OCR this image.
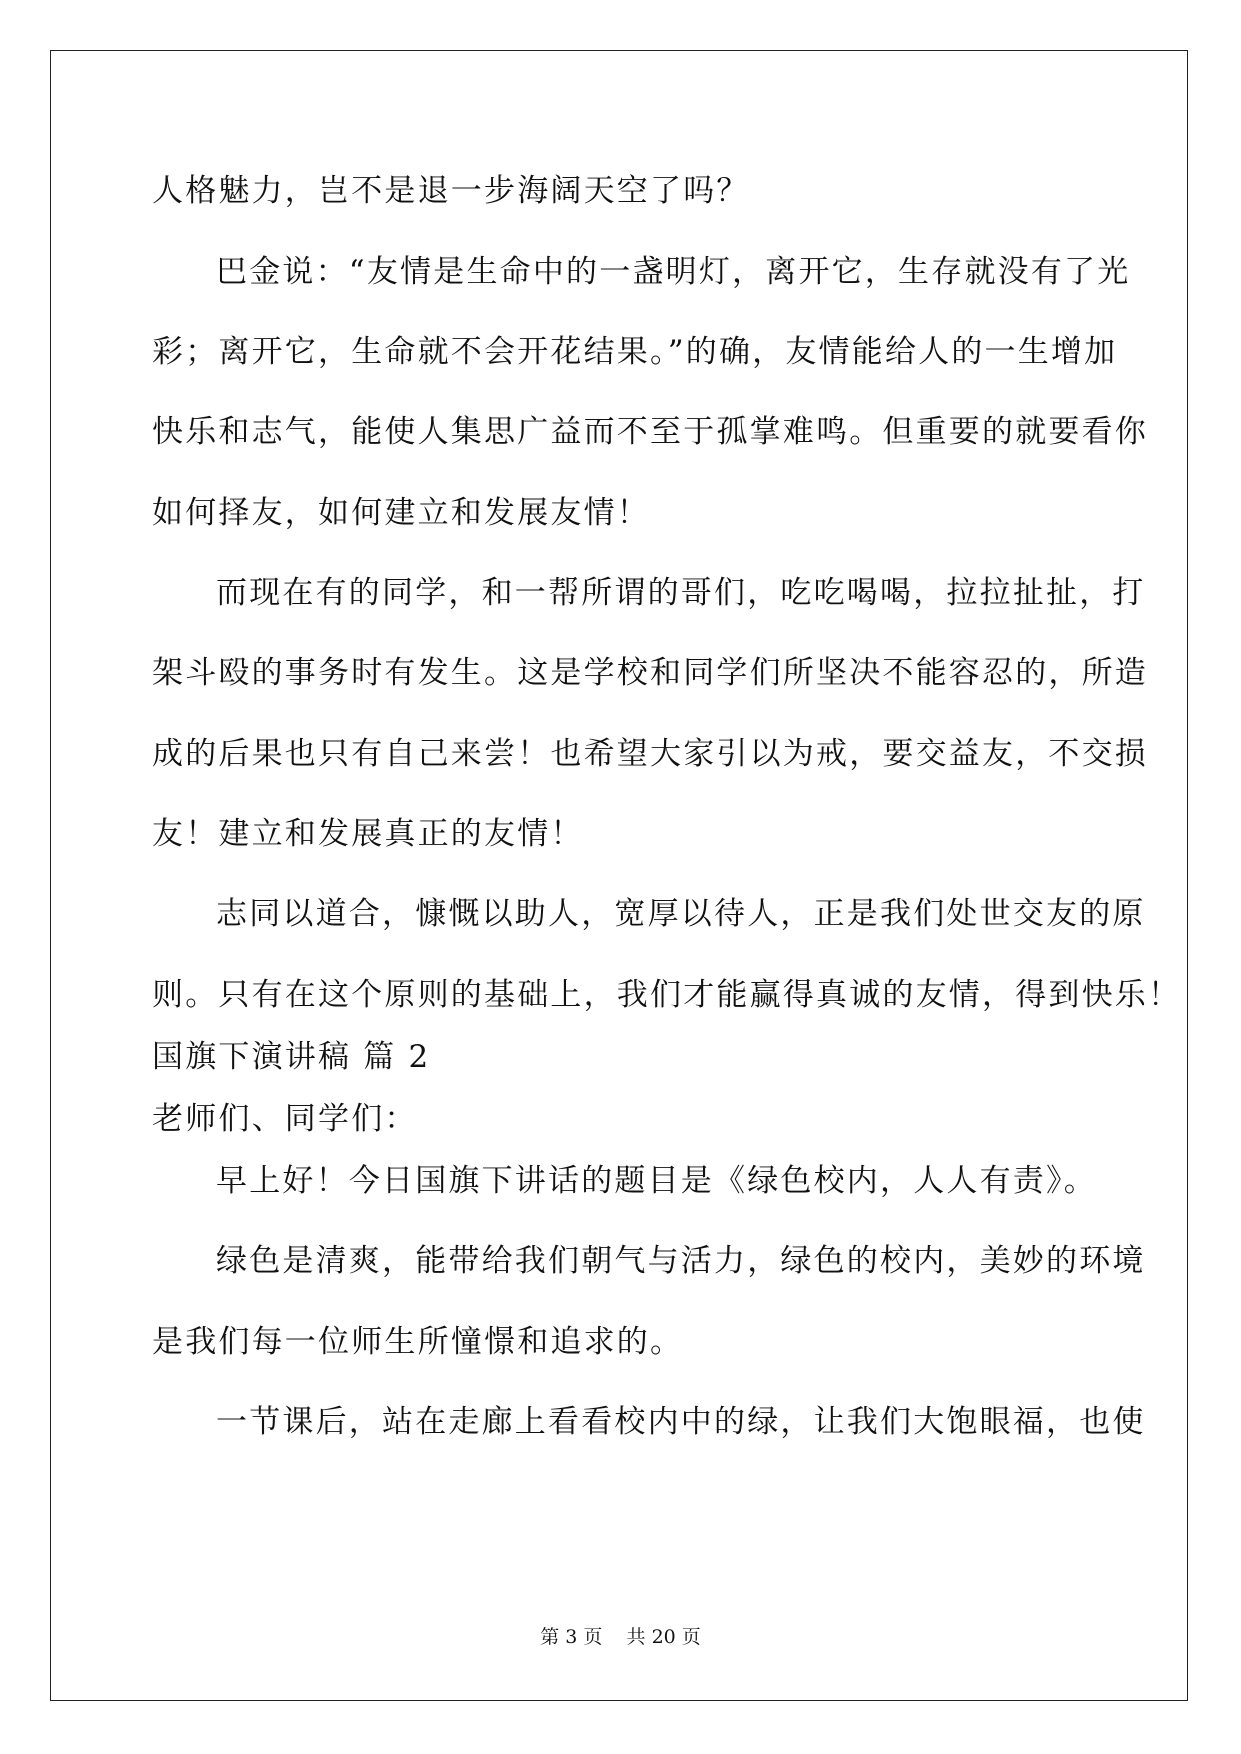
人格魅力，岂不是退一步海阔天空了吗？
巴金说：“友情是生命中的一盏明灯，离开它，生存就没有了光
彩；离开它，生命就不会开花结果。”的确，友情能给人的一生增加
快乐和志气，能使人集思广益而不至于孤掌难鸣。但重要的就要看你
如何择友，如何建立和发展友情！
而现在有的同学，和一帮所谓的哥们，吃吃喝喝，拉拉扯扯，打
架斗殴的事务时有发生。这是学校和同学们所坚决不能容忍的，所造
成的后果也只有自己来尝！也希望大家引以为戒，要交益友，不交损
友！建立和发展真正的友情！
志同以道合，慷慨以助人，宽厚以待人，正是我们处世交友的原
则。只有在这个原则的基础上，我们才能赢得真诚的友情，得到快乐！
国旗下演讲稿 篇 2
老师们、同学们：
早上好！今日国旗下讲话的题目是《绿色校内，人人有责》。
绿色是清爽，能带给我们朝气与活力，绿色的校内，美妙的环境
是我们每一位师生所憧憬和追求的。
一节课后，站在走廊上看看校内中的绿，让我们大饱眼福，也使
第 3 页    共 20 页
